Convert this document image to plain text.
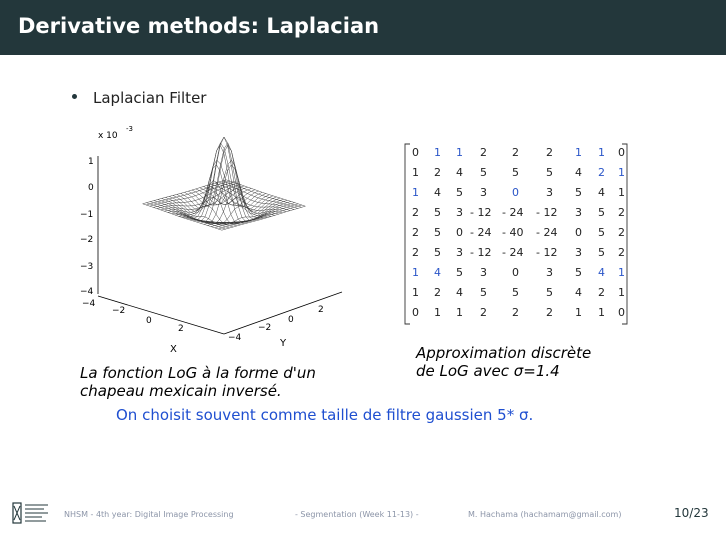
Derivative methods: Laplacian
Laplacian Filter
x 10
-3
1
0
−1
−2
−3
−4
−4
−2
0
2
X
−4
−2
0
2
Y
0 1 1 2 2 2 1 1 0
1 2 4 5 5 5 4 2 1
1 4 5 3 0 3 5 4 1
2 5 3 - 12 - 24 - 12 3 5 2
2 5 0 - 24 - 40 - 24 0 5 2
2 5 3 - 12 - 24 - 12 3 5 2
1 4 5 3 0 3 5 4 1
1 2 4 5 5 5 4 2 1
0 1 1 2 2 2 1 1 0
La fonction LoG à la forme d'un
chapeau mexicain inversé.
Approximation discrète
de LoG avec σ=1.4
On choisit souvent comme taille de filtre gaussien 5* σ.
NHSM - 4th year: Digital Image Processing	- Segmentation (Week 11-13) -	M. Hachama (hachamam@gmail.com)	10/23
